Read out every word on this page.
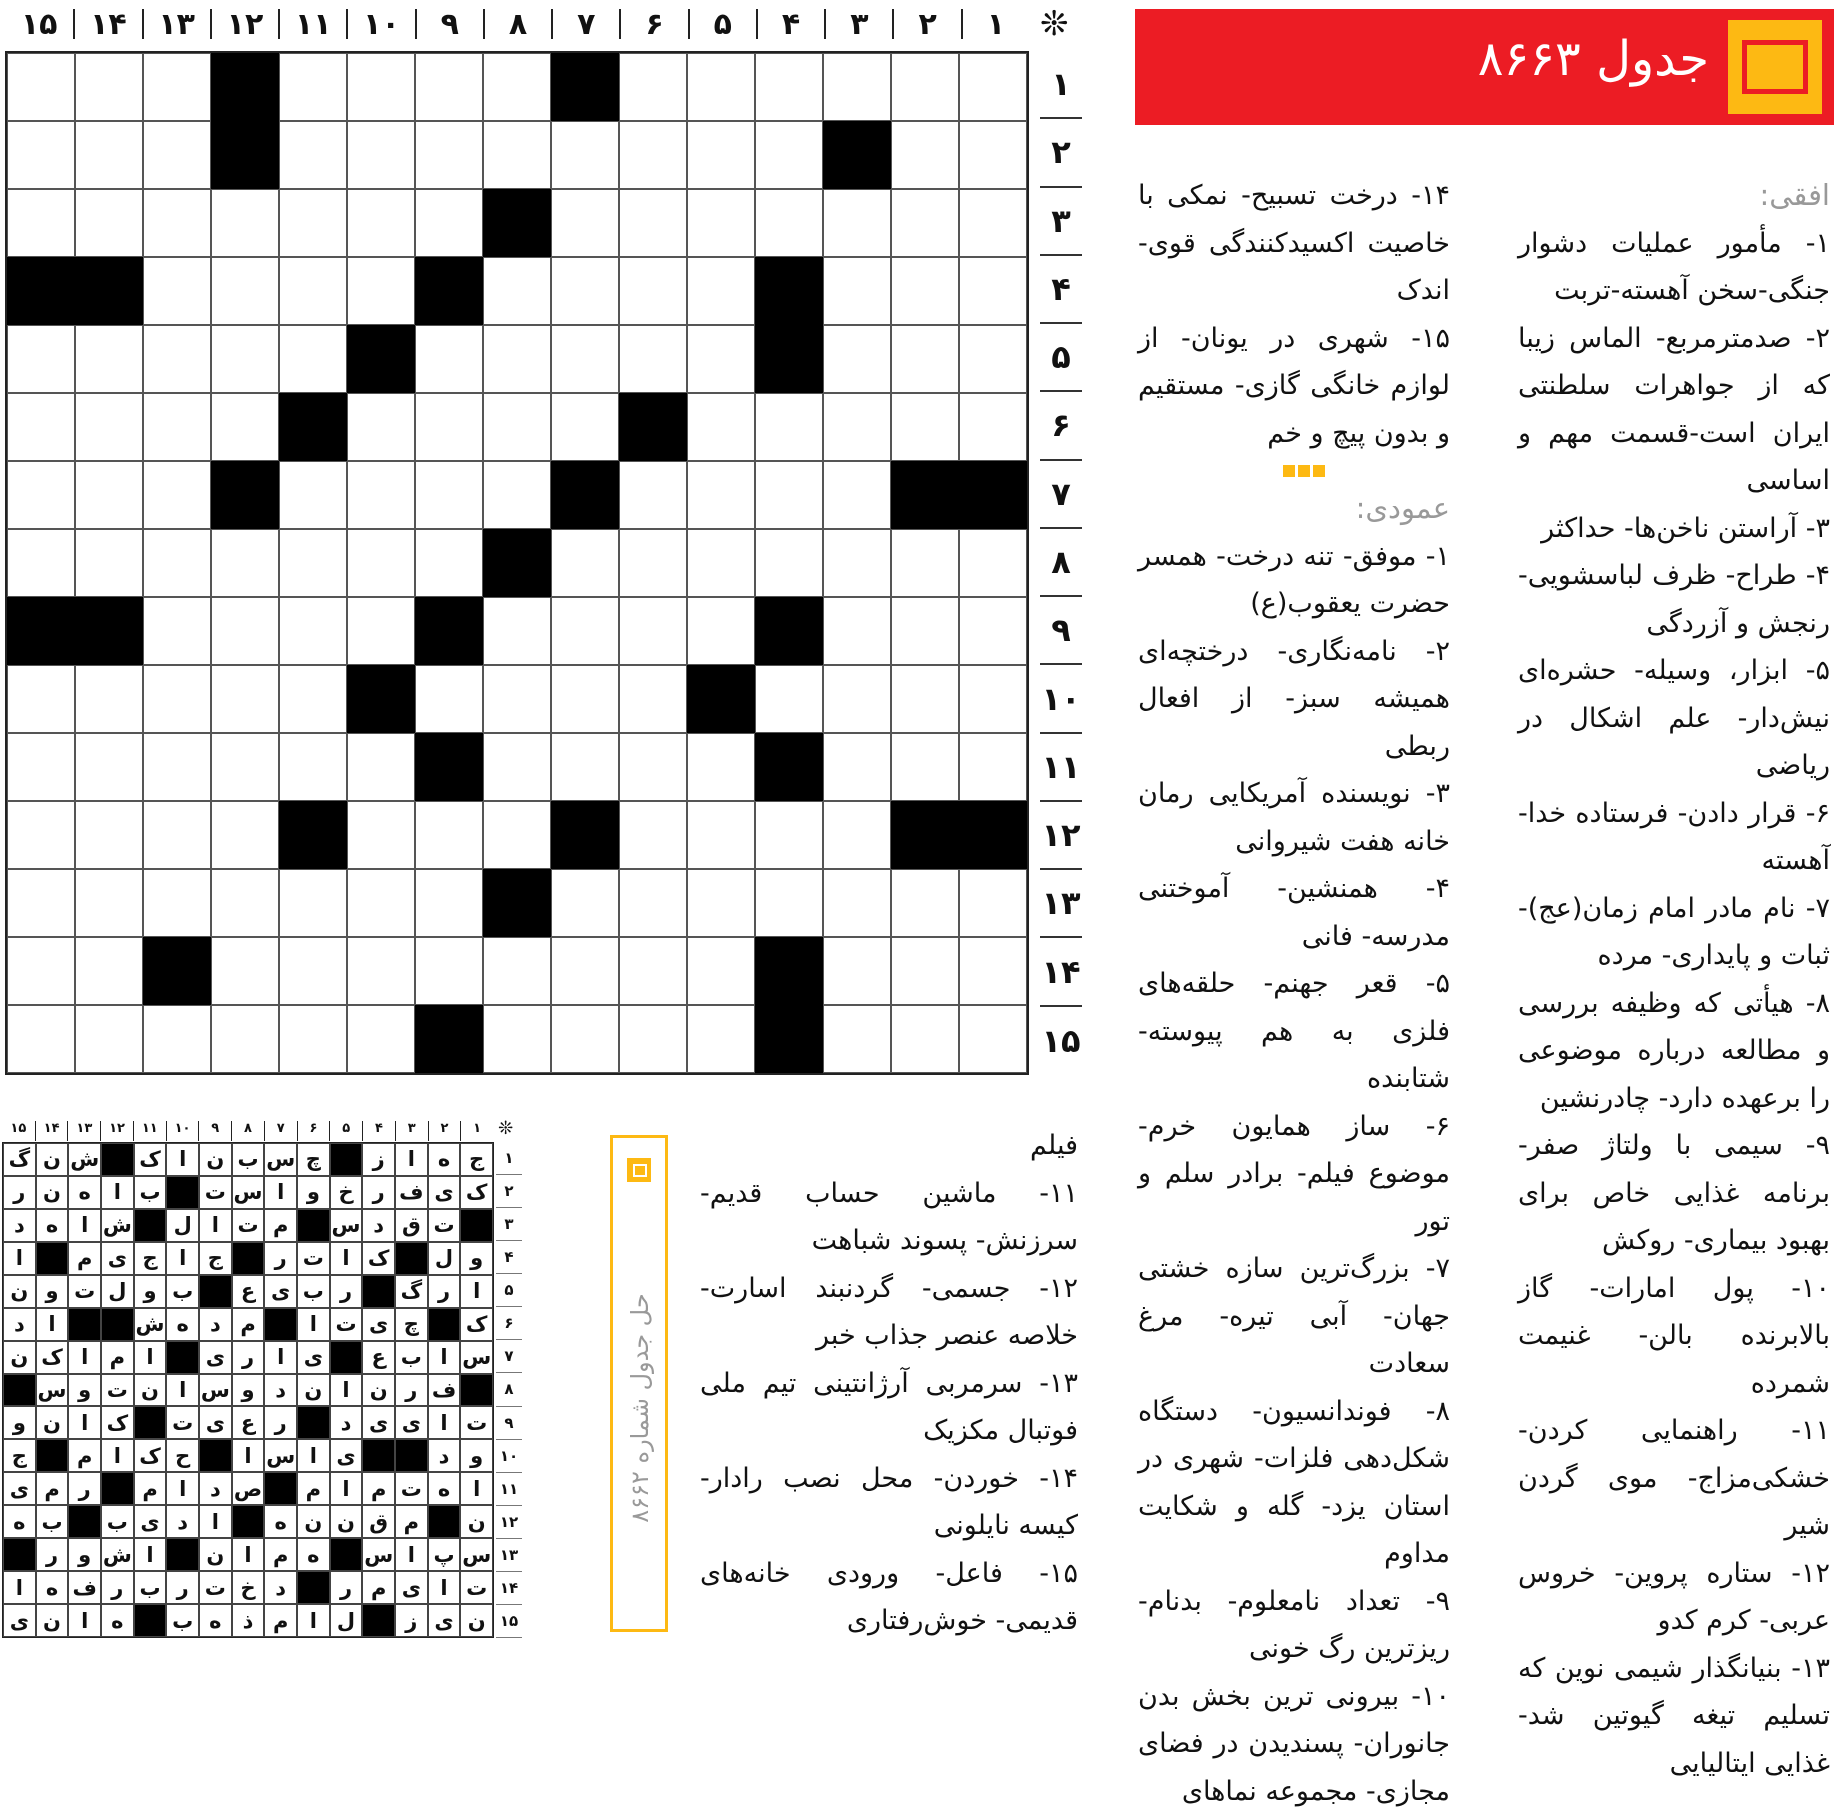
جدول ۸۶۶۳
❊
۱
۲
۳
۴
۵
۶
۷
۸
۹
۱۰
۱۱
۱۲
۱۳
۱۴
۱۵
۱
۲
۳
۴
۵
۶
۷
۸
۹
۱۰
۱۱
۱۲
۱۳
۱۴
۱۵

افقی:

۱- مأمور عملیات دشوار جنگی-سخن آهسته-تربت

۲- صدمترمربع- الماس زیبا که از جواهرات سلطنتی ایران است-قسمت مهم و اساسی

۳- آراستن ناخن‌ها- حداکثر

۴- طراح- ظرف لباسشویی- رنجش و آزردگی

۵- ابزار، وسیله- حشره‌ای نیش‌دار- علم اشکال در ریاضی

۶- قرار دادن- فرستاده خدا- آهسته

۷- نام مادر امام زمان(عج)- ثبات و پایداری- مرده

۸- هیأتی که وظیفه بررسی و مطالعه درباره موضوعی را برعهده دارد- چادرنشین

۹- سیمی با ولتاژ صفر- برنامه غذایی خاص برای بهبود بیماری- روکش

۱۰- پول امارات- گاز بالابرنده بالن- غنیمت شمرده

۱۱- راهنمایی کردن- خشکی‌مزاج- موی گردن شیر

۱۲- ستاره پروین- خروس عربی- کرم کدو

۱۳- بنیانگذار شیمی نوین که تسلیم تیغه گیوتین شد- غذایی ایتالیایی

۱۴- درخت تسبیح- نمکی با خاصیت اکسیدکنندگی قوی- اندک

۱۵- شهری در یونان- از لوازم خانگی گازی- مستقیم و بدون پیچ و خم

عمودی:

۱- موفق- تنه درخت- همسر حضرت یعقوب(ع)

۲- نامه‌نگاری- درختچه‌ای همیشه سبز- از افعال ربطی

۳- نویسنده آمریکایی رمان خانه هفت شیروانی

۴- همنشین- آموختنی مدرسه- فانی

۵- قعر جهنم- حلقه‌های فلزی به هم پیوسته- شتابنده

۶- ساز همایون خرم- موضوع فیلم- برادر سلم و تور

۷- بزرگ‌ترین سازه خشتی جهان- آبی تیره- مرغ سعادت

۸- فوندانسیون- دستگاه شکل‌دهی فلزات- شهری در استان یزد- گله و شکایت مداوم

۹- تعداد نامعلوم- بدنام- ریزترین رگ خونی

۱۰- بیرونی ترین بخش بدن جانوران- پسندیدن در فضای مجازی- مجموعه نماهای

فیلم

۱۱- ماشین حساب قدیم- سرزنش- پسوند شباهت

۱۲- جسمی- گردنبند اسارت- خلاصه عنصر جذاب خبر

۱۳- سرمربی آرژانتینی تیم ملی فوتبال مکزیک

۱۴- خوردن- محل نصب رادار- کیسه نایلونی

۱۵- فاعل- ورودی خانه‌های قدیمی- خوش‌رفتاری

حل جدول شماره ۸۶۶۲
❊
۱
۲
۳
۴
۵
۶
۷
۸
۹
۱۰
۱۱
۱۲
۱۳
۱۴
۱۵
ج
ه
ا
ز
چ
س
ب
ن
ا
ک
ش
ن
گ
ک
ی
ف
ر
خ
و
ا
س
ت
ب
ا
ه
ن
ر
ت
ق
د
س
م
ت
ا
ل
ش
ا
ه
د
و
ل
ک
ا
ت
ر
ج
ا
ج
ی
م
ا
ا
ر
گ
ر
ب
ی
ع
ب
و
ل
ت
و
ن
ک
چ
ی
ت
ا
م
د
ه
ش
ا
د
س
ا
ب
ع
ی
ا
ر
ی
ا
م
ا
ک
ن
ف
ر
ن
ا
ن
د
و
س
ا
ن
ت
و
س
ت
ا
ی
ی
د
ر
ع
ی
ت
ک
ا
ن
و
و
د
ی
ا
س
ا
ح
ک
ا
م
ج
ا
ه
ت
م
ا
م
ص
د
ا
م
ر
م
ی
ن
م
ق
ن
ن
ه
ا
د
ی
ب
ب
ه
س
پ
ا
س
ه
م
ا
ن
ا
ش
و
ر
ت
ا
ی
م
ر
د
خ
ت
ر
ب
ر
ف
ه
ا
ن
ی
ز
ل
ا
م
ذ
ه
ب
ه
ا
ن
ی
۱
۲
۳
۴
۵
۶
۷
۸
۹
۱۰
۱۱
۱۲
۱۳
۱۴
۱۵
